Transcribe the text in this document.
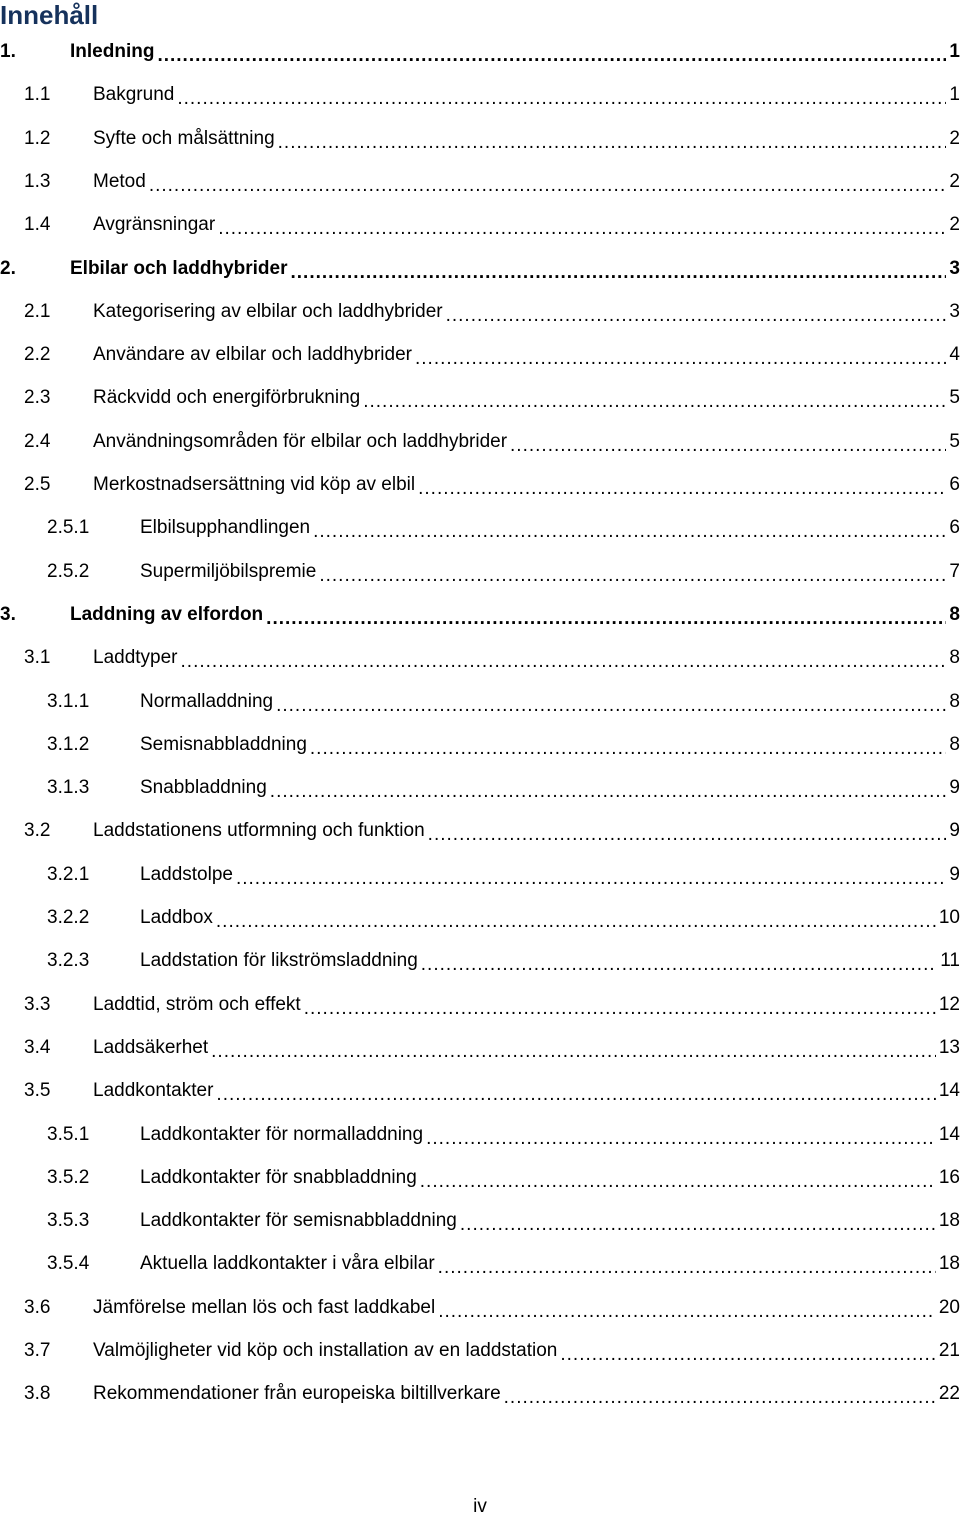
Innehåll
1.	Inledning .....	1
1.1	Bakgrund .....	1
1.2	Syfte och målsättning .....	2
1.3	Metod .....	2
1.4	Avgränsningar .....	2
2.	Elbilar och laddhybrider .....	3
2.1	Kategorisering av elbilar och laddhybrider .....	3
2.2	Användare av elbilar och laddhybrider .....	4
2.3	Räckvidd och energiförbrukning .....	5
2.4	Användningsområden för elbilar och laddhybrider .....	5
2.5	Merkostnadsersättning vid köp av elbil .....	6
2.5.1	Elbilsupphandlingen .....	6
2.5.2	Supermiljöbilspremie .....	7
3.	Laddning av elfordon .....	8
3.1	Laddtyper .....	8
3.1.1	Normalladdning .....	8
3.1.2	Semisnabbladdning .....	8
3.1.3	Snabbladdning .....	9
3.2	Laddstationens utformning och funktion .....	9
3.2.1	Laddstolpe .....	9
3.2.2	Laddbox .....	10
3.2.3	Laddstation för likströmsladdning .....	11
3.3	Laddtid, ström och effekt .....	12
3.4	Laddsäkerhet .....	13
3.5	Laddkontakter .....	14
3.5.1	Laddkontakter för normalladdning .....	14
3.5.2	Laddkontakter för snabbladdning .....	16
3.5.3	Laddkontakter för semisnabbladdning .....	18
3.5.4	Aktuella laddkontakter i våra elbilar .....	18
3.6	Jämförelse mellan lös och fast laddkabel .....	20
3.7	Valmöjligheter vid köp och installation av en laddstation .....	21
3.8	Rekommendationer från europeiska biltillverkare .....	22
iv
